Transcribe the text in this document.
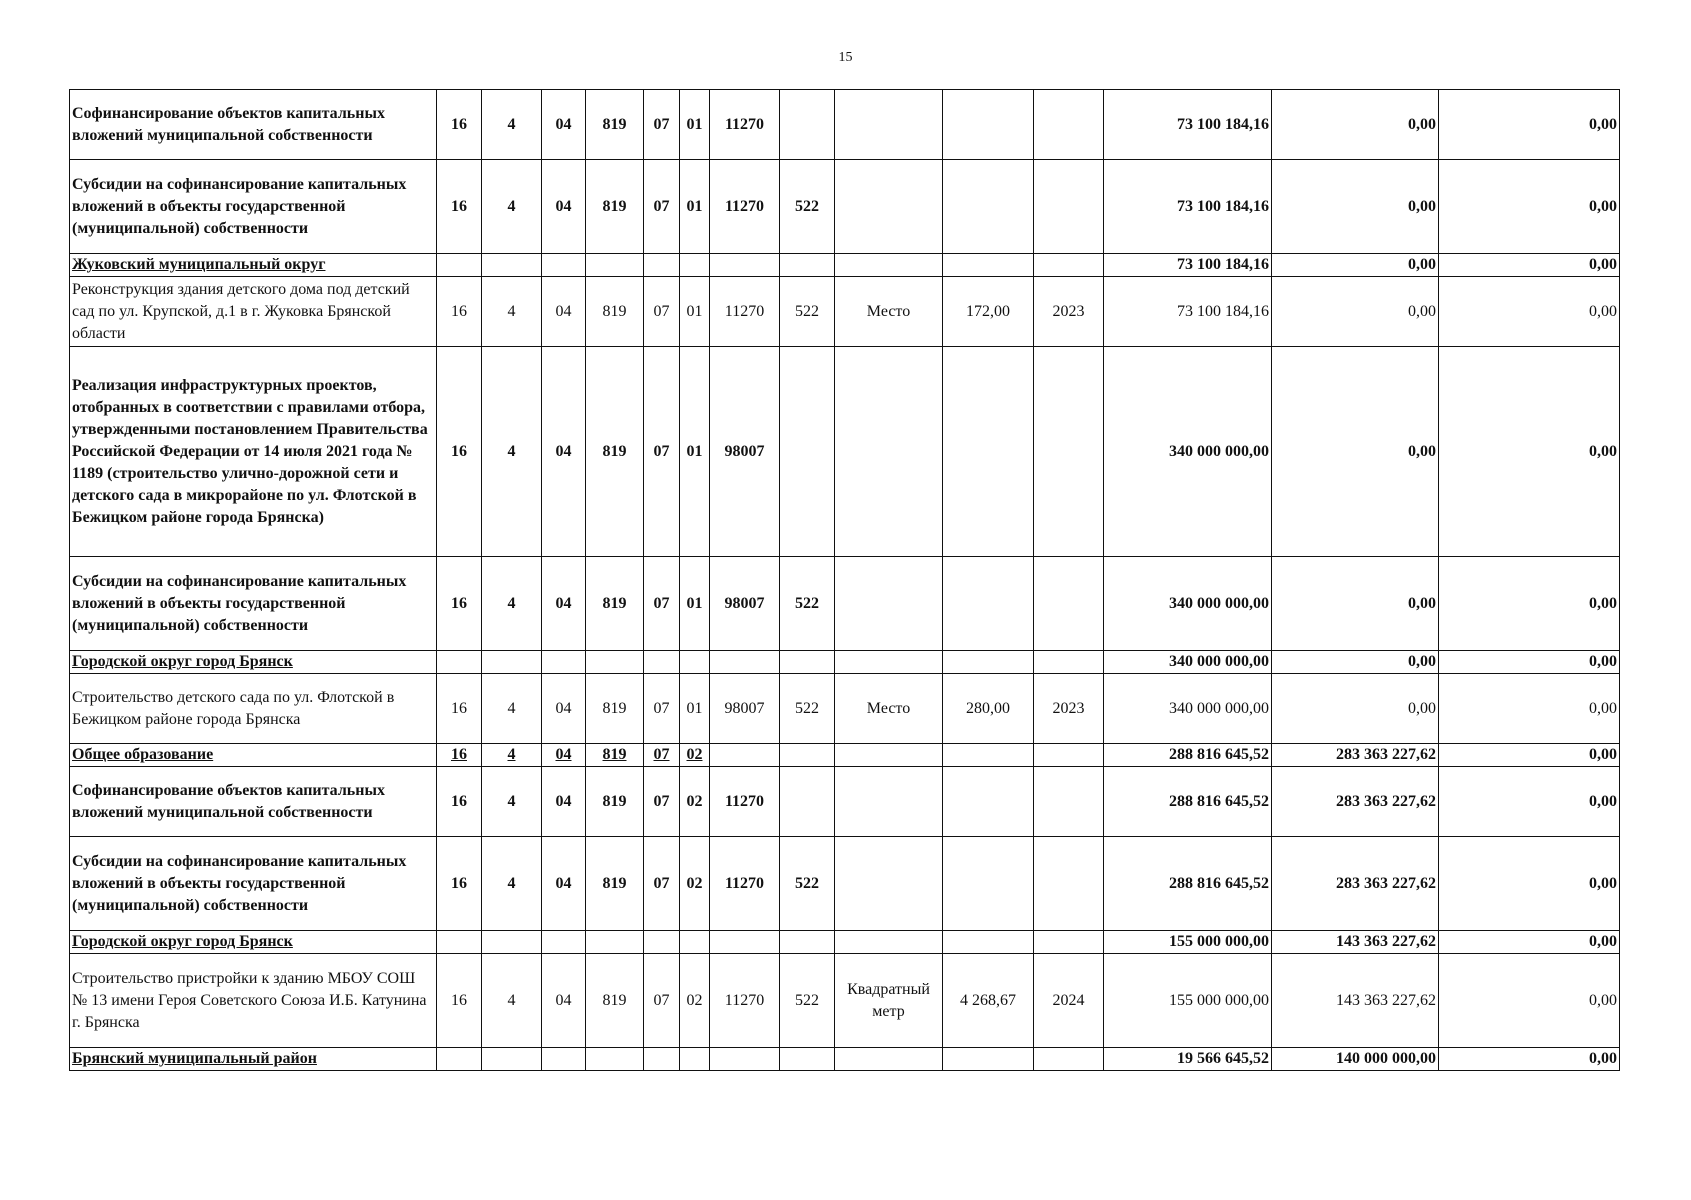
15
Софинансирование объектов капитальных вложений муниципальной собственности	16	4	04	819	07	01	11270					73 100 184,16	0,00	0,00
Субсидии на софинансирование капитальных вложений в объекты государственной (муниципальной) собственности	16	4	04	819	07	01	11270	522				73 100 184,16	0,00	0,00
Жуковский муниципальный округ												73 100 184,16	0,00	0,00
Реконструкция здания детского дома под детский сад по ул. Крупской, д.1 в г. Жуковка Брянской области	16	4	04	819	07	01	11270	522	Место	172,00	2023	73 100 184,16	0,00	0,00
Реализация инфраструктурных проектов, отобранных в соответствии с правилами отбора, утвержденными постановлением Правительства Российской Федерации от 14 июля 2021 года № 1189 (строительство улично-дорожной сети и детского сада в микрорайоне по ул. Флотской в Бежицком районе города Брянска)	16	4	04	819	07	01	98007					340 000 000,00	0,00	0,00
Субсидии на софинансирование капитальных вложений в объекты государственной (муниципальной) собственности	16	4	04	819	07	01	98007	522				340 000 000,00	0,00	0,00
Городской округ город Брянск												340 000 000,00	0,00	0,00
Строительство детского сада по ул. Флотской в Бежицком районе города Брянска	16	4	04	819	07	01	98007	522	Место	280,00	2023	340 000 000,00	0,00	0,00
Общее образование	16	4	04	819	07	02						288 816 645,52	283 363 227,62	0,00
Софинансирование объектов капитальных вложений муниципальной собственности	16	4	04	819	07	02	11270					288 816 645,52	283 363 227,62	0,00
Субсидии на софинансирование капитальных вложений в объекты государственной (муниципальной) собственности	16	4	04	819	07	02	11270	522				288 816 645,52	283 363 227,62	0,00
Городской округ город Брянск												155 000 000,00	143 363 227,62	0,00
Строительство пристройки к зданию МБОУ СОШ № 13 имени Героя Советского Союза И.Б. Катунина г. Брянска	16	4	04	819	07	02	11270	522	Квадратный метр	4 268,67	2024	155 000 000,00	143 363 227,62	0,00
Брянский муниципальный район												19 566 645,52	140 000 000,00	0,00
